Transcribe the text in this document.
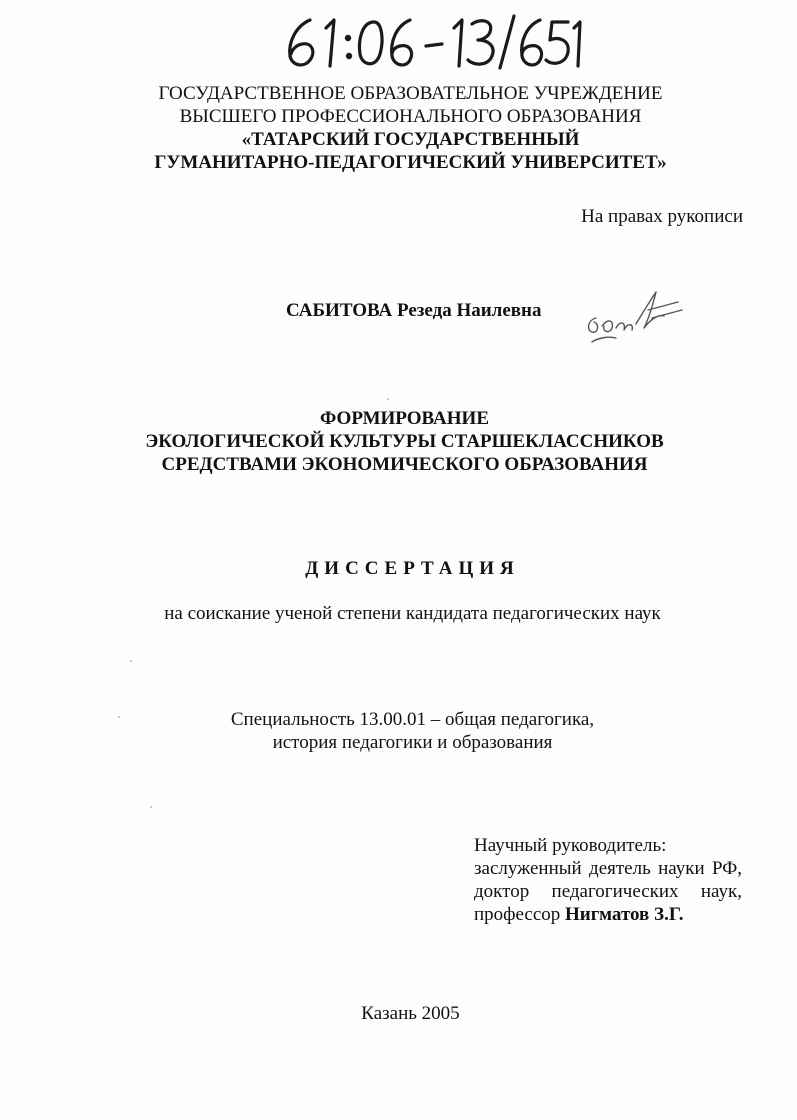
ГОСУДАРСТВЕННОЕ ОБРАЗОВАТЕЛЬНОЕ УЧРЕЖДЕНИЕ
ВЫСШЕГО ПРОФЕССИОНАЛЬНОГО ОБРАЗОВАНИЯ
«ТАТАРСКИЙ ГОСУДАРСТВЕННЫЙ
ГУМАНИТАРНО-ПЕДАГОГИЧЕСКИЙ УНИВЕРСИТЕТ»
На правах рукописи
САБИТОВА Резеда Наилевна
ФОРМИРОВАНИЕ
ЭКОЛОГИЧЕСКОЙ КУЛЬТУРЫ СТАРШЕКЛАССНИКОВ
СРЕДСТВАМИ ЭКОНОМИЧЕСКОГО ОБРАЗОВАНИЯ
ДИССЕРТАЦИЯ
на соискание ученой степени кандидата педагогических наук
Специальность 13.00.01 – общая педагогика,
история педагогики и образования
Научный руководитель:
заслуженный деятель науки РФ,
доктор педагогических наук,
профессор Нигматов З.Г.
Казань 2005
